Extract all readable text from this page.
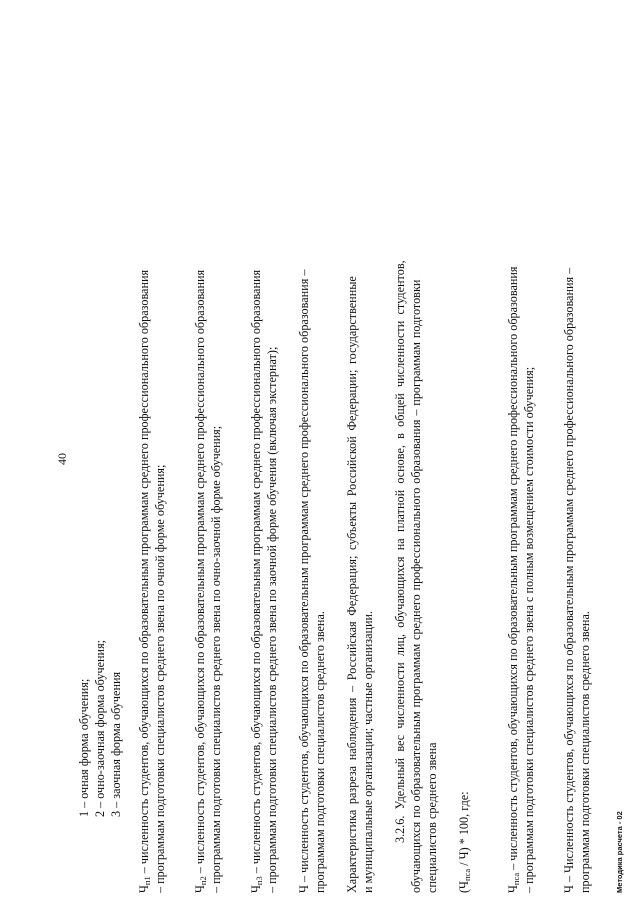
40
1 – очная форма обучения; 2 – очно-заочная форма обучения; 3 – заочная форма обучения
$Ч_{п1}$ – численность студентов, обучающихся по образовательным программам среднего профессионального образования – программам подготовки специалистов среднего звена по очной форме обучения; $Ч_{п2}$ – численность студентов, обучающихся по образовательным программам среднего профессионального образования – программам подготовки специалистов среднего звена по очно-заочной форме обучения; $Ч_{п3}$ – численность студентов, обучающихся по образовательным программам среднего профессионального образования – программам подготовки специалистов среднего звена по заочной форме обучения (включая экстернат); Ч – численность студентов, обучающихся по образовательным программам среднего профессионального образования – программам подготовки специалистов среднего звена. Характеристика разреза наблюдения – Российская Федерация; субъекты Российской Федерации; государственные и муниципальные организации; частные организации. 3.2.6. Удельный вес численности лиц, обучающихся на платной основе, в общей численности студентов, обучающихся по образовательным программам среднего профессионального образования – программам подготовки специалистов среднего звена $(Ч_{пса} / Ч) * 100$, где:
$Ч_{пса}$ – численность студентов, обучающихся по образовательным программам среднего профессионального образования – программам подготовки специалистов среднего звена с полным возмещением стоимости обучения; Ч – Численность студентов, обучающихся по образовательным программам среднего профессионального образования – программам подготовки специалистов среднего звена.	Методика расчета - 02
